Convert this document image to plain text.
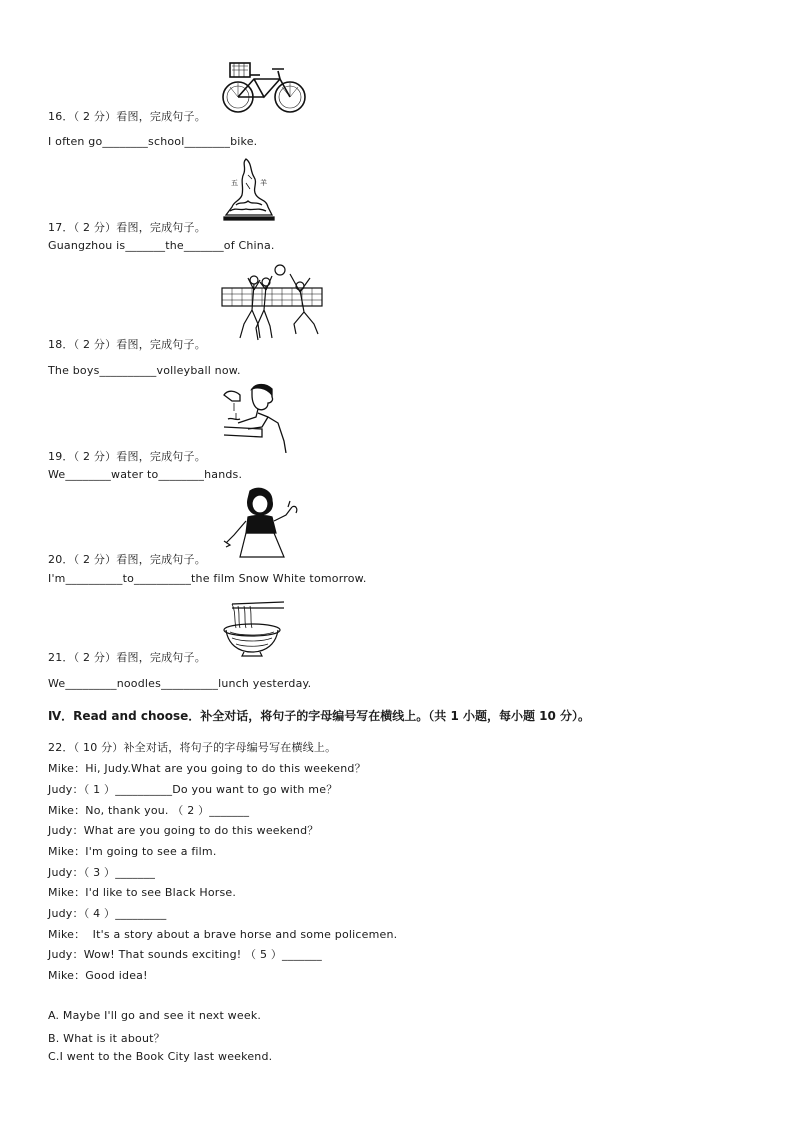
16．（ 2 分）看图，完成句子。
I often go________school________bike.
五	羊
17．（ 2 分）看图，完成句子。
Guangzhou is_______the_______of China.
18．（ 2 分）看图，完成句子。
The boys__________volleyball now.
19．（ 2 分）看图，完成句子。
We________water to________hands.
20．（ 2 分）看图，完成句子。
I'm__________to__________the film Snow White tomorrow.
21．（ 2 分）看图，完成句子。
We_________noodles__________lunch yesterday.
Ⅳ．Read and choose．补全对话，将句子的字母编号写在横线上。（共 1 小题，每小题 10 分）。
22．（ 10 分）补全对话，将句子的字母编号写在横线上。
Mike：Hi, Judy.What are you going to do this weekend？
Judy：（ 1 ）__________Do you want to go with me？
Mike：No, thank you. （ 2 ）_______
Judy：What are you going to do this weekend？
Mike：I'm going to see a film.
Judy：（ 3 ）_______
Mike：I'd like to see Black Horse.
Judy：（ 4 ）_________
Mike：  It's a story about a brave horse and some policemen.
Judy：Wow! That sounds exciting! （ 5 ）_______
Mike：Good idea!
A. Maybe I'll go and see it next week.
B. What is it about？
C.I went to the Book City last weekend.
